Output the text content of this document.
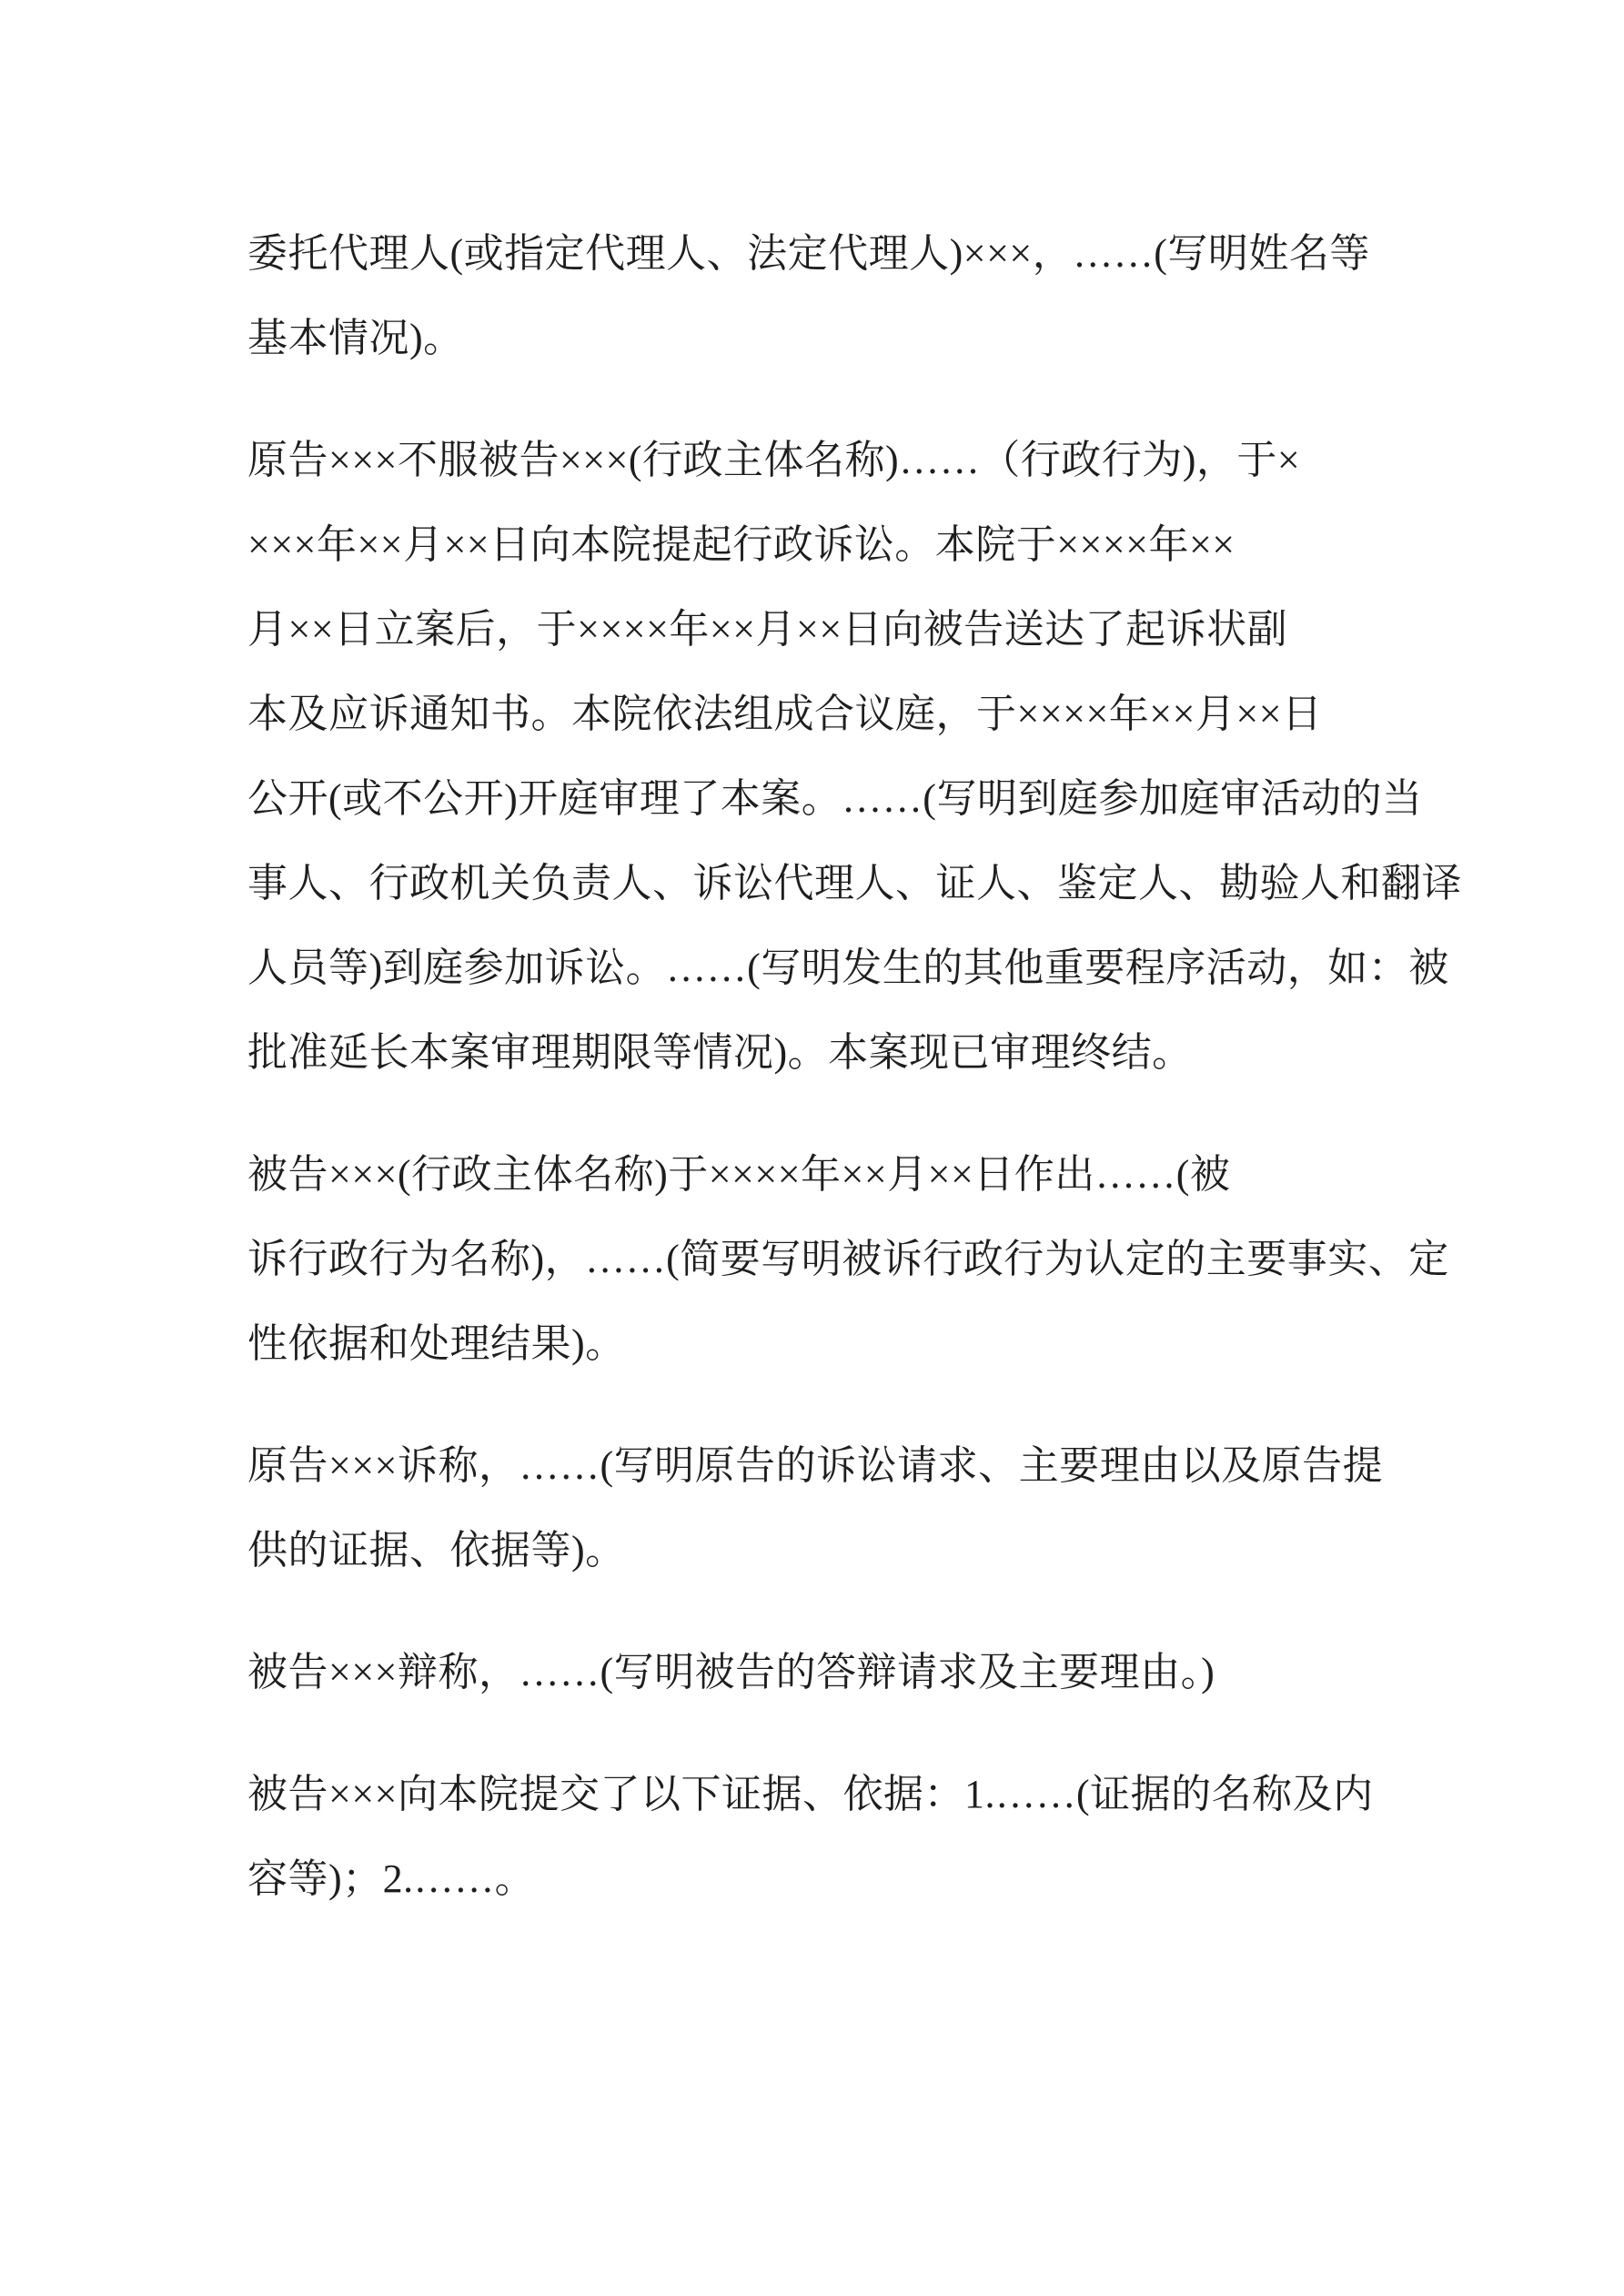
委托代理人(或指定代理人、法定代理人)×××，……(写明姓名等
基本情况)。

原告×××不服被告×××(行政主体名称)……（行政行为)，于×
×××年××月××日向本院提起行政诉讼。本院于××××年××
月××日立案后，于××××年××月××日向被告送达了起诉状副
本及应诉通知书。本院依法组成合议庭，于××××年××月××日
公开(或不公开)开庭审理了本案。……(写明到庭参加庭审活动的当
事人、行政机关负责人、诉讼代理人、证人、鉴定人、勘验人和翻译
人员等)到庭参加诉讼。……(写明发生的其他重要程序活动，如：被
批准延长本案审理期限等情况)。本案现已审理终结。

被告×××(行政主体名称)于××××年××月××日作出……(被
诉行政行为名称)，……(简要写明被诉行政行为认定的主要事实、定
性依据和处理结果)。

原告×××诉称，……(写明原告的诉讼请求、主要理由以及原告提
供的证据、依据等)。

被告×××辩称，……(写明被告的答辩请求及主要理由。)

被告×××向本院提交了以下证据、依据：1.……(证据的名称及内
容等)；2.……。
